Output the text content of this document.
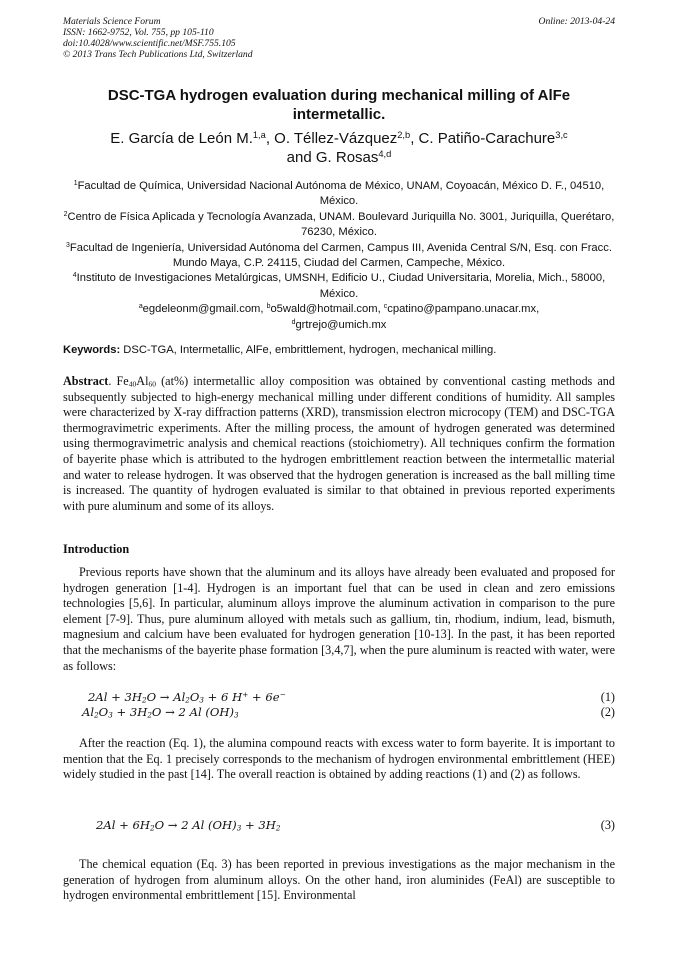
Materials Science Forum
ISSN: 1662-9752, Vol. 755, pp 105-110
doi:10.4028/www.scientific.net/MSF.755.105
© 2013 Trans Tech Publications Ltd, Switzerland
Online: 2013-04-24
DSC-TGA hydrogen evaluation during mechanical milling of AlFe intermetallic.
E. García de León M.$^{1,a}$, O. Téllez-Vázquez$^{2,b}$, C. Patiño-Carachure$^{3,c}$
and G. Rosas$^{4,d}$
$^1$Facultad de Química, Universidad Nacional Autónoma de México, UNAM, Coyoacán, México D. F., 04510, México.
$^2$Centro de Física Aplicada y Tecnología Avanzada, UNAM. Boulevard Juriquilla No. 3001, Juriquilla, Querétaro, 76230, México.
$^3$Facultad de Ingeniería, Universidad Autónoma del Carmen, Campus III, Avenida Central S/N, Esq. con Fracc. Mundo Maya, C.P. 24115, Ciudad del Carmen, Campeche, México.
$^4$Instituto de Investigaciones Metalúrgicas, UMSNH, Edificio U., Ciudad Universitaria, Morelia, Mich., 58000, México.
$^a$egdeleonm@gmail.com, $^b$o5wald@hotmail.com, $^c$cpatino@pampano.unacar.mx,
$^d$grtrejo@umich.mx
Keywords: DSC-TGA, Intermetallic, AlFe, embrittlement, hydrogen, mechanical milling.
Abstract. $Fe_{40}Al_{60}$ (at%) intermetallic alloy composition was obtained by conventional casting methods and subsequently subjected to high-energy mechanical milling under different conditions of humidity. All samples were characterized by X-ray diffraction patterns (XRD), transmission electron microcopy (TEM) and DSC-TGA thermogravimetric experiments. After the milling process, the amount of hydrogen generated was determined using thermogravimetric analysis and chemical reactions (stoichiometry). All techniques confirm the formation of bayerite phase which is attributed to the hydrogen embrittlement reaction between the intermetallic material and water to release hydrogen. It was observed that the hydrogen generation is increased as the ball milling time is increased. The quantity of hydrogen evaluated is similar to that obtained in previous reported experiments with pure aluminum and some of its alloys.
Introduction
Previous reports have shown that the aluminum and its alloys have already been evaluated and proposed for hydrogen generation [1-4]. Hydrogen is an important fuel that can be used in clean and zero emissions technologies [5,6]. In particular, aluminum alloys improve the aluminum activation in comparison to the pure element [7-9]. Thus, pure aluminum alloyed with metals such as gallium, tin, rhodium, indium, lead, bismuth, magnesium and calcium have been evaluated for hydrogen generation [10-13]. In the past, it has been reported that the mechanisms of the bayerite phase formation [3,4,7], when the pure aluminum is reacted with water, were as follows:
$2Al + 3H_2O \to Al_2O_3 + 6$ H+ + 6e−	(1)
$Al_2O_3 + 3H_2O \to 2$ Al $(OH)_3$	(2)
After the reaction (Eq. 1), the alumina compound reacts with excess water to form bayerite. It is important to mention that the Eq. 1 precisely corresponds to the mechanism of hydrogen environmental embrittlement (HEE) widely studied in the past [14]. The overall reaction is obtained by adding reactions (1) and (2) as follows.
$2Al + 6H_2O \to 2$ Al $(OH)_3 + 3H_2$	(3)
The chemical equation (Eq. 3) has been reported in previous investigations as the major mechanism in the generation of hydrogen from aluminum alloys. On the other hand, iron aluminides (FeAl) are susceptible to hydrogen environmental embrittlement [15]. Environmental
